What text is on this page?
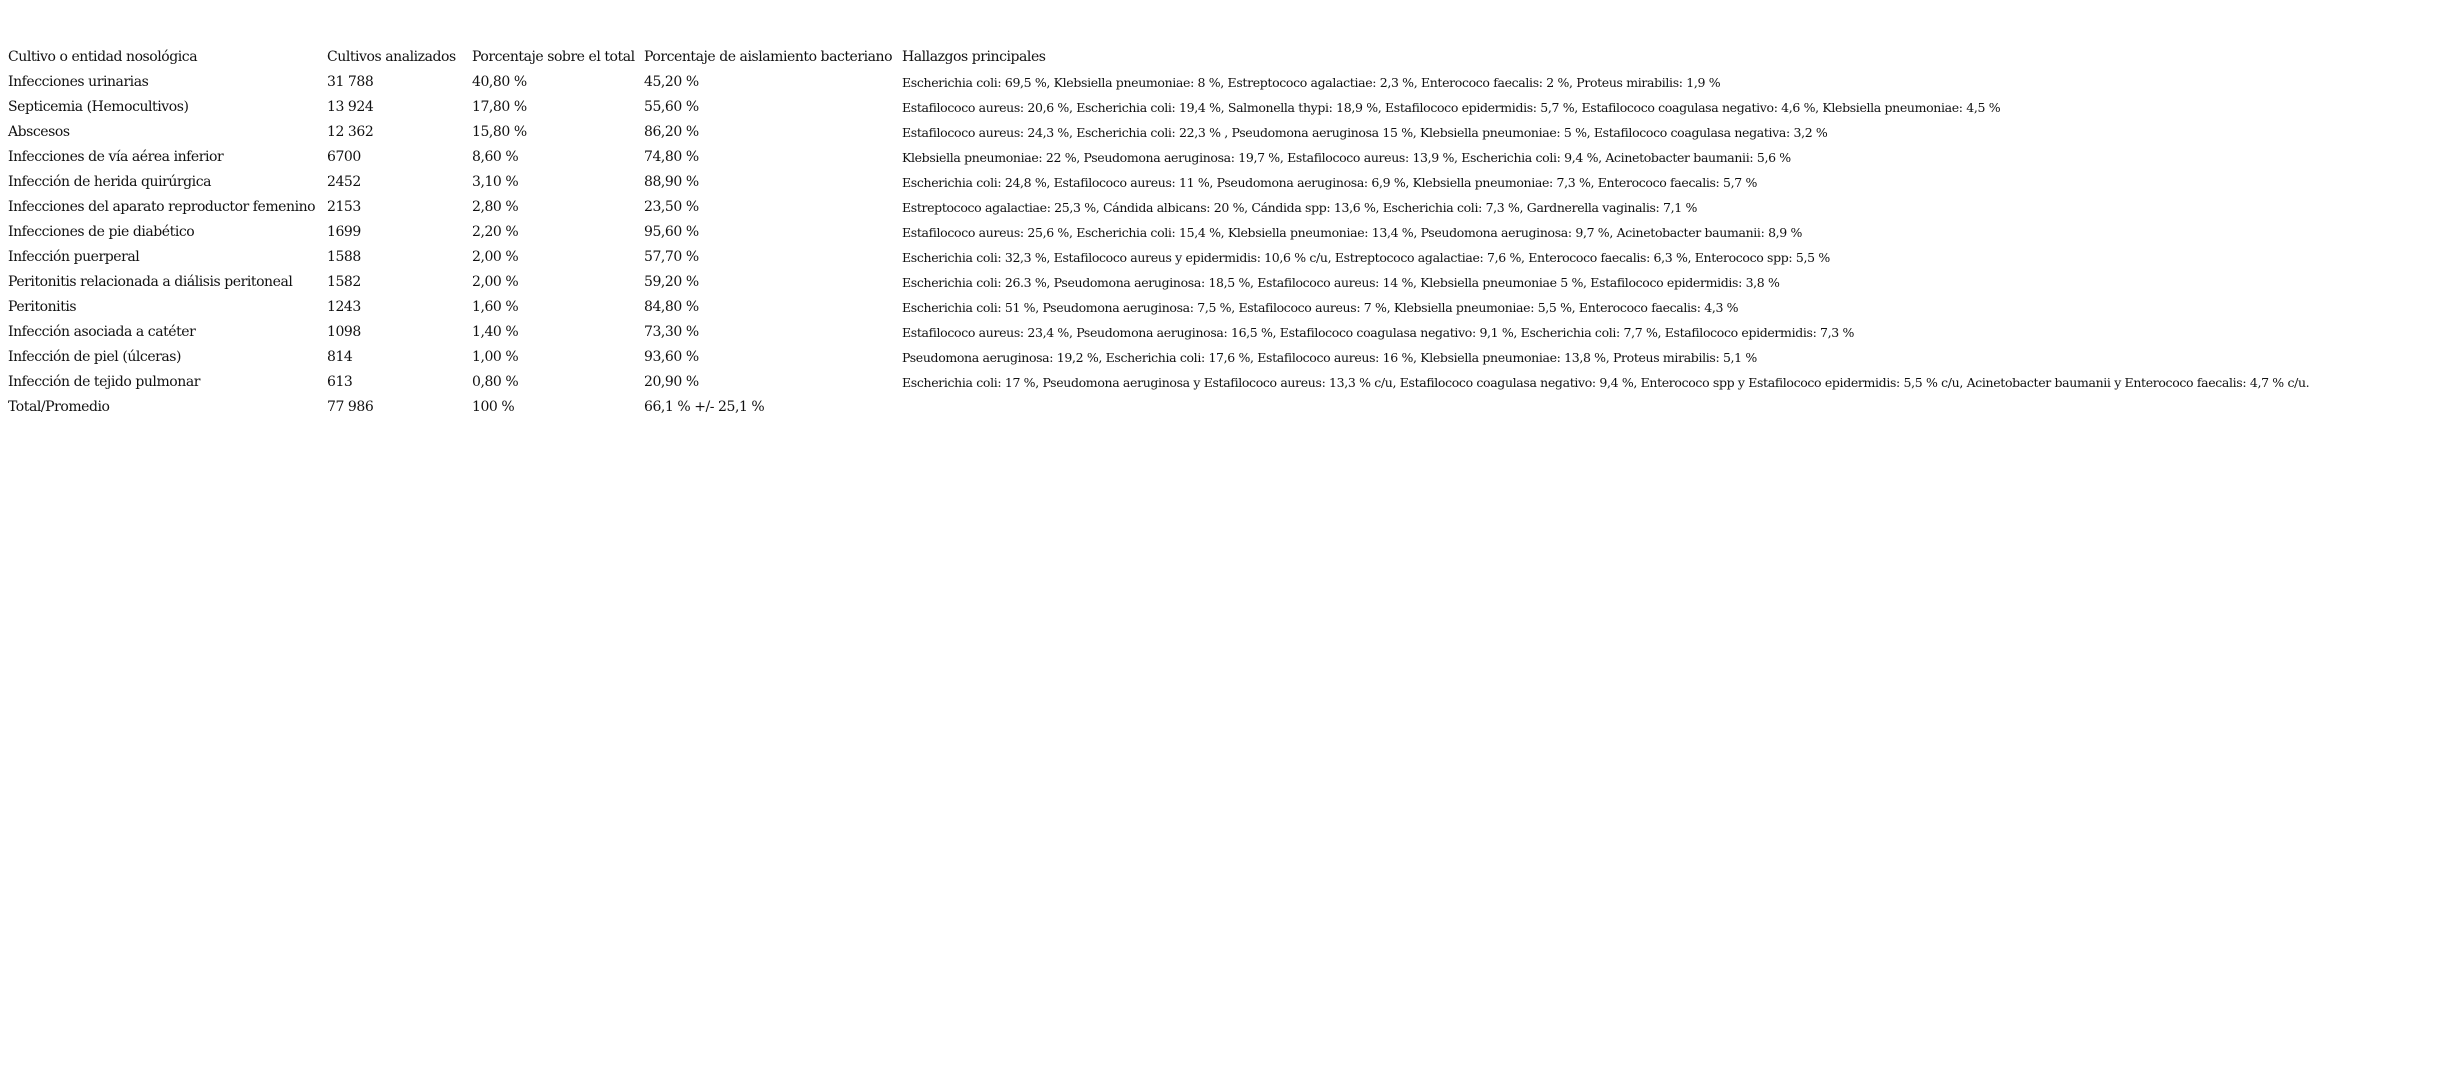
Cultivo o entidad nosológica	Cultivos analizados	Porcentaje sobre el total	Porcentaje de aislamiento bacteriano	Hallazgos principales
Infecciones urinarias	31 788	40,80 %	45,20 %	Escherichia coli: 69,5 %, Klebsiella pneumoniae: 8 %, Estreptococo agalactiae: 2,3 %, Enterococo faecalis: 2 %, Proteus mirabilis: 1,9 %
Septicemia (Hemocultivos)	13 924	17,80 %	55,60 %	Estafilococo aureus: 20,6 %, Escherichia coli: 19,4 %, Salmonella thypi: 18,9 %, Estafilococo epidermidis: 5,7 %, Estafilococo coagulasa negativo: 4,6 %, Klebsiella pneumoniae: 4,5 %
Abscesos	12 362	15,80 %	86,20 %	Estafilococo aureus: 24,3 %, Escherichia coli: 22,3 % , Pseudomona aeruginosa 15 %, Klebsiella pneumoniae: 5 %, Estafilococo coagulasa negativa: 3,2 %
Infecciones de vía aérea inferior	6700	8,60 %	74,80 %	Klebsiella pneumoniae: 22 %, Pseudomona aeruginosa: 19,7 %, Estafilococo aureus: 13,9 %, Escherichia coli: 9,4 %, Acinetobacter baumanii: 5,6 %
Infección de herida quirúrgica	2452	3,10 %	88,90 %	Escherichia coli: 24,8 %, Estafilococo aureus: 11 %, Pseudomona aeruginosa: 6,9 %, Klebsiella pneumoniae: 7,3 %, Enterococo faecalis: 5,7 %
Infecciones del aparato reproductor femenino	2153	2,80 %	23,50 %	Estreptococo agalactiae: 25,3 %, Cándida albicans: 20 %, Cándida spp: 13,6 %, Escherichia coli: 7,3 %, Gardnerella vaginalis: 7,1 %
Infecciones de pie diabético	1699	2,20 %	95,60 %	Estafilococo aureus: 25,6 %, Escherichia coli: 15,4 %, Klebsiella pneumoniae: 13,4 %, Pseudomona aeruginosa: 9,7 %, Acinetobacter baumanii: 8,9 %
Infección puerperal	1588	2,00 %	57,70 %	Escherichia coli: 32,3 %, Estafilococo aureus y epidermidis: 10,6 % c/u, Estreptococo agalactiae: 7,6 %, Enterococo faecalis: 6,3 %, Enterococo spp: 5,5 %
Peritonitis relacionada a diálisis peritoneal	1582	2,00 %	59,20 %	Escherichia coli: 26.3 %, Pseudomona aeruginosa: 18,5 %, Estafilococo aureus: 14 %, Klebsiella pneumoniae 5 %, Estafilococo epidermidis: 3,8 %
Peritonitis	1243	1,60 %	84,80 %	Escherichia coli: 51 %, Pseudomona aeruginosa: 7,5 %, Estafilococo aureus: 7 %, Klebsiella pneumoniae: 5,5 %, Enterococo faecalis: 4,3 %
Infección asociada a catéter	1098	1,40 %	73,30 %	Estafilococo aureus: 23,4 %, Pseudomona aeruginosa: 16,5 %, Estafilococo coagulasa negativo: 9,1 %, Escherichia coli: 7,7 %, Estafilococo epidermidis: 7,3 %
Infección de piel (úlceras)	814	1,00 %	93,60 %	Pseudomona aeruginosa: 19,2 %, Escherichia coli: 17,6 %, Estafilococo aureus: 16 %, Klebsiella pneumoniae: 13,8 %, Proteus mirabilis: 5,1 %
Infección de tejido pulmonar	613	0,80 %	20,90 %	Escherichia coli: 17 %, Pseudomona aeruginosa y Estafilococo aureus: 13,3 % c/u, Estafilococo coagulasa negativo: 9,4 %, Enterococo spp y Estafilococo epidermidis: 5,5 % c/u, Acinetobacter baumanii y Enterococo faecalis: 4,7 % c/u.
Total/Promedio	77 986	100 %	66,1 % +/- 25,1 %	
